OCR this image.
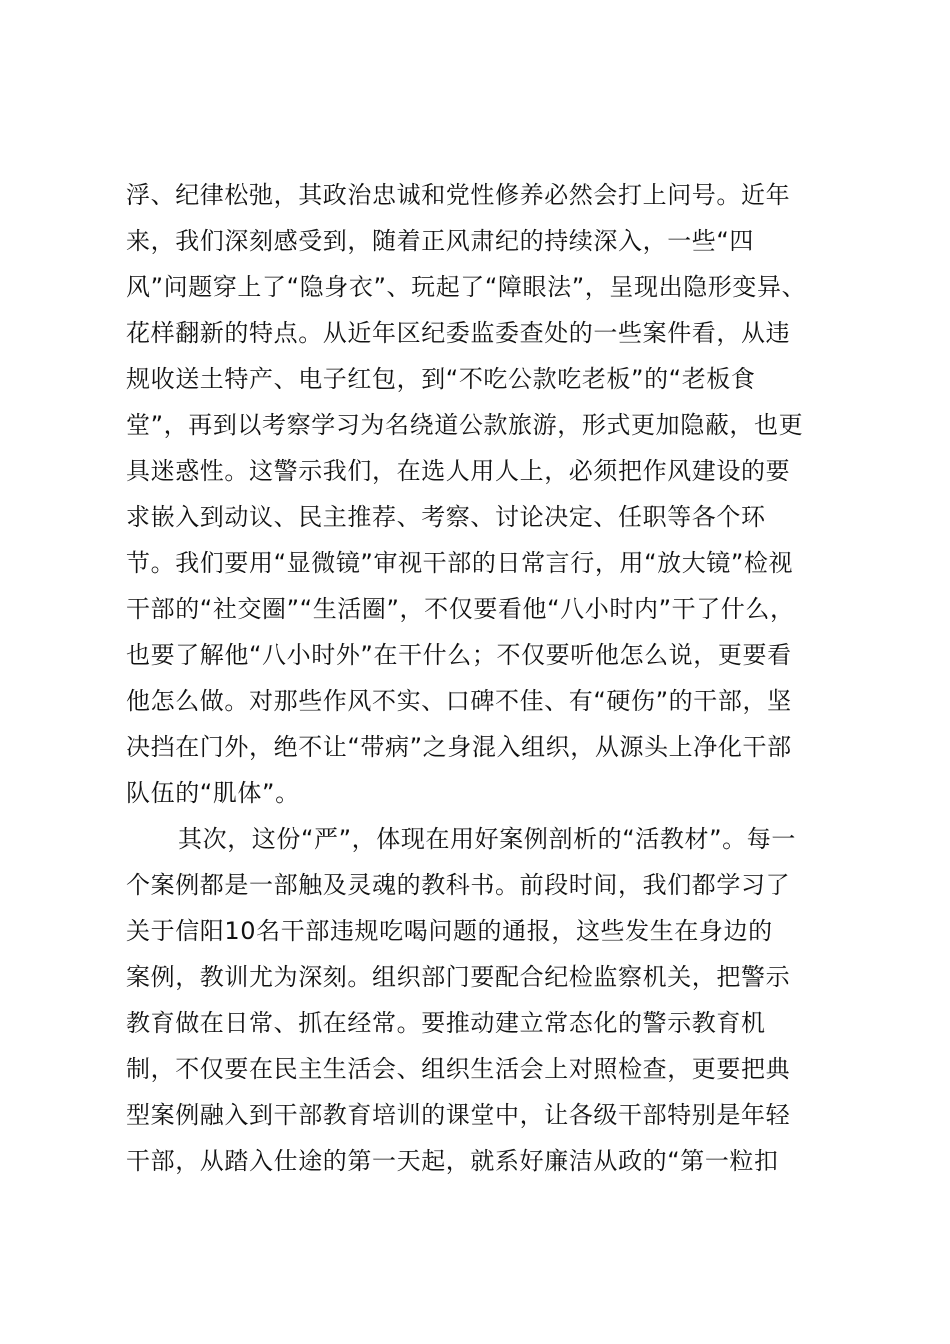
浮、纪律松弛，其政治忠诚和党性修养必然会打上问号。近年
来，我们深刻感受到，随着正风肃纪的持续深入，一些“四
风”问题穿上了“隐身衣”、玩起了“障眼法”，呈现出隐形变异、
花样翻新的特点。从近年区纪委监委查处的一些案件看，从违
规收送土特产、电子红包，到“不吃公款吃老板”的“老板食
堂”，再到以考察学习为名绕道公款旅游，形式更加隐蔽，也更
具迷惑性。这警示我们，在选人用人上，必须把作风建设的要
求嵌入到动议、民主推荐、考察、讨论决定、任职等各个环
节。我们要用“显微镜”审视干部的日常言行，用“放大镜”检视
干部的“社交圈”“生活圈”，不仅要看他“八小时内”干了什么，
也要了解他“八小时外”在干什么；不仅要听他怎么说，更要看
他怎么做。对那些作风不实、口碑不佳、有“硬伤”的干部，坚
决挡在门外，绝不让“带病”之身混入组织，从源头上净化干部
队伍的“肌体”。
其次，这份“严”，体现在用好案例剖析的“活教材”。每一
个案例都是一部触及灵魂的教科书。前段时间，我们都学习了
关于信阳10名干部违规吃喝问题的通报，这些发生在身边的
案例，教训尤为深刻。组织部门要配合纪检监察机关，把警示
教育做在日常、抓在经常。要推动建立常态化的警示教育机
制，不仅要在民主生活会、组织生活会上对照检查，更要把典
型案例融入到干部教育培训的课堂中，让各级干部特别是年轻
干部，从踏入仕途的第一天起，就系好廉洁从政的“第一粒扣
